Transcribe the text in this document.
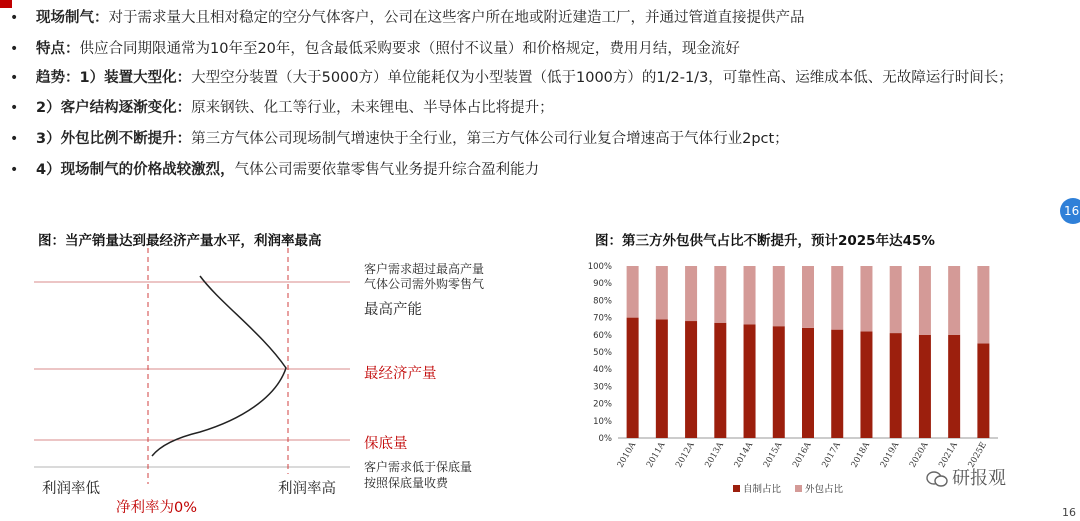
• 现场制气：对于需求量大且相对稳定的空分气体客户，公司在这些客户所在地或附近建造工厂，并通过管道直接提供产品
• 特点：供应合同期限通常为10年至20年，包含最低采购要求（照付不议量）和价格规定，费用月结，现金流好
• 趋势：1）装置大型化：大型空分装置（大于5000方）单位能耗仅为小型装置（低于1000方）的1/2-1/3，可靠性高、运维成本低、无故障运行时间长；
• 2）客户结构逐渐变化：原来钢铁、化工等行业，未来锂电、半导体占比将提升；
• 3）外包比例不断提升：第三方气体公司现场制气增速快于全行业，第三方气体公司行业复合增速高于气体行业2pct；
• 4）现场制气的价格战较激烈，气体公司需要依靠零售气业务提升综合盈利能力
16
图：当产销量达到最经济产量水平，利润率最高
客户需求超过最高产量
气体公司需外购零售气
最高产能
最经济产量
保底量
客户需求低于保底量
按照保底量收费
利润率低	利润率高
净利率为0%
图：第三方外包供气占比不断提升，预计2025年达45%
0%
10%
20%
30%
40%
50%
60%
70%
80%
90%
100%
2010A 2011A 2012A 2013A 2014A 2015A 2016A 2017A 2018A 2019A 2020A 2021A 2025E
自制占比	外包占比
研报观
16
